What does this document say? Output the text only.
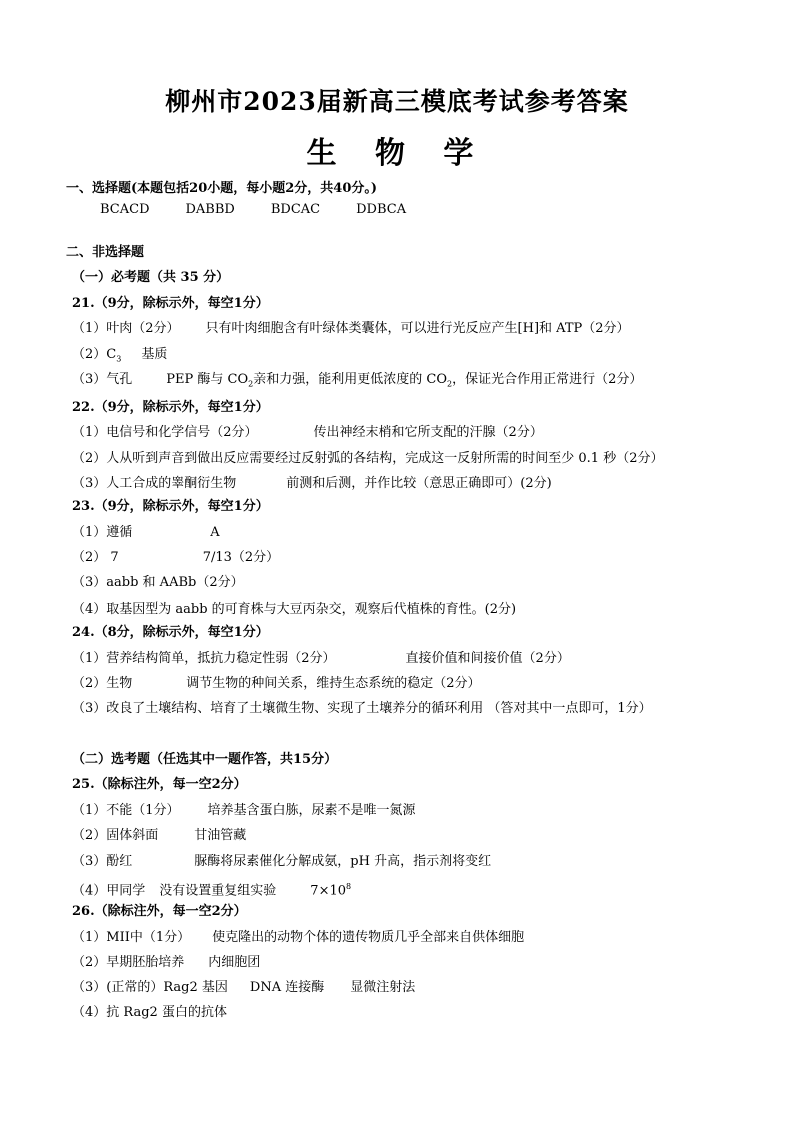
柳州市2023届新高三模底考试参考答案
生 物 学
一、选择题(本题包括20小题，每小题2分，共40分。)
BCACD	DABBD	BDCAC	DDBCA
二、非选择题
（一）必考题（共 35 分）
21.（9分，除标示外，每空1分）
（1）叶肉（2分） 只有叶肉细胞含有叶绿体类囊体，可以进行光反应产生[H]和 ATP（2分）
$(2)C_3$ 基质
（3）气孔	PEP 酶与 $CO_2$亲和力强，能利用更低浓度的 $CO_2$，保证光合作用正常进行（2分）
22.（9分，除标示外，每空1分）
（1）电信号和化学信号（2分）	传出神经末梢和它所支配的汗腺（2分）
（2）人从听到声音到做出反应需要经过反射弧的各结构，完成这一反射所需的时间至少 0.1 秒（2分）
（3）人工合成的睾酮衍生物	前测和后测，并作比较（意思正确即可）(2分)
23.（9分，除标示外，每空1分）
（1）遵循	A
（2） 7	7/13（2分）
（3）aabb 和 AABb（2分）
（4）取基因型为 aabb 的可育株与大豆丙杂交，观察后代植株的育性。(2分)
24.（8分，除标示外，每空1分）
（1）营养结构简单，抵抗力稳定性弱（2分）	直接价值和间接价值（2分）
（2）生物	调节生物的种间关系，维持生态系统的稳定（2分）
（3）改良了土壤结构、培育了土壤微生物、实现了土壤养分的循环利用 （答对其中一点即可，1分）
（二）选考题（任选其中一题作答，共15分）
25.（除标注外，每一空2分）
（1）不能（1分） 培养基含蛋白胨，尿素不是唯一氮源
（2）固体斜面	甘油管藏
（3）酚红	脲酶将尿素催化分解成氨，pH 升高，指示剂将变红
（4）甲同学 没有设置重复组实验	$7\times 10^8$
26.（除标注外，每一空2分）
（1）MII中（1分） 使克隆出的动物个体的遗传物质几乎全部来自供体细胞
（2）早期胚胎培养 内细胞团
（3）(正常的）Rag2 基因 DNA 连接酶 显微注射法
（4）抗 Rag2 蛋白的抗体
